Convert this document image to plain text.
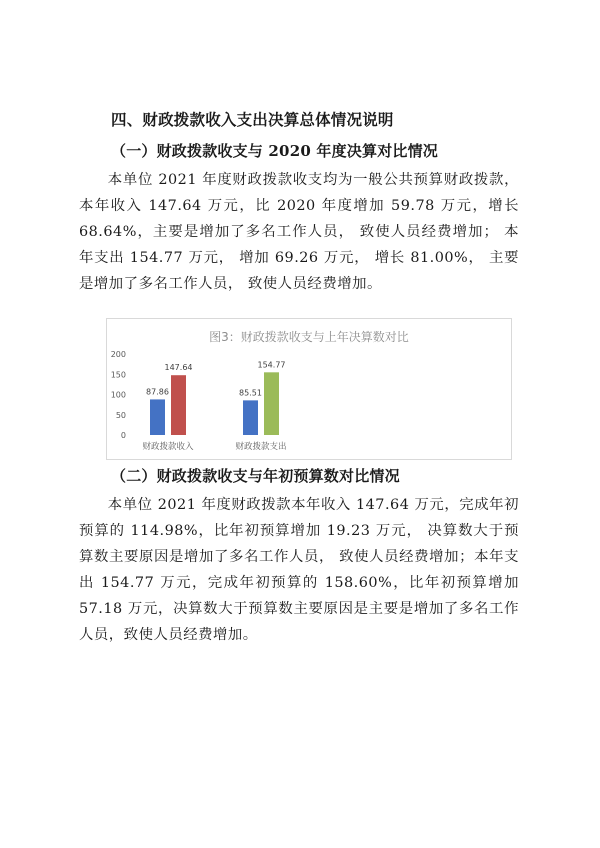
四、财政拨款收入支出决算总体情况说明
（一）财政拨款收支与 2020 年度决算对比情况
本单位 2021 年度财政拨款收支均为一般公共预算财政拨款，本年收入 147.64 万元，比 2020 年度增加 59.78 万元，增长 68.64%，主要是增加了多名工作人员， 致使人员经费增加； 本年支出 154.77 万元， 增加 69.26 万元， 增长 81.00%， 主要是增加了多名工作人员， 致使人员经费增加。
图3：财政拨款收支与上年决算数对比
0
50
100
150
200
87.86
147.64
85.51
154.77
财政拨款收入	财政拨款支出
（二）财政拨款收支与年初预算数对比情况
本单位 2021 年度财政拨款本年收入 147.64 万元，完成年初预算的 114.98%，比年初预算增加 19.23 万元， 决算数大于预算数主要原因是增加了多名工作人员， 致使人员经费增加；本年支出 154.77 万元，完成年初预算的 158.60%，比年初预算增加 57.18 万元，决算数大于预算数主要原因是主要是增加了多名工作人员，致使人员经费增加。
